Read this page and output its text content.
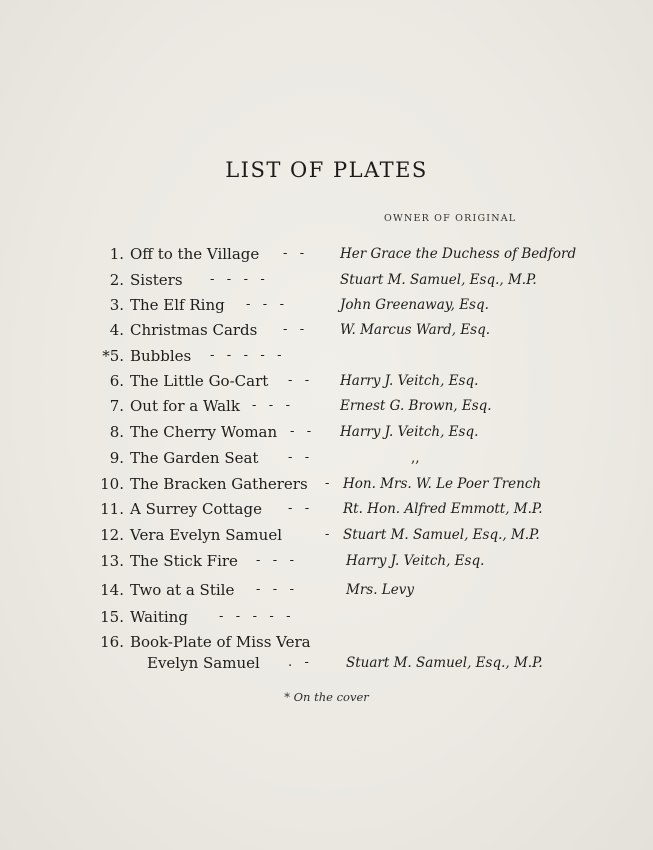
LIST OF PLATES
OWNER OF ORIGINAL
1. Off to the Village -   -	Her Grace the Duchess of Bedford
2. Sisters -   -   -   -	Stuart M. Samuel, Esq., M.P.
3. The Elf Ring -   -   -	John Greenaway, Esq.
4. Christmas Cards -   -	W. Marcus Ward, Esq.
*5. Bubbles -   -   -   -   -
6. The Little Go-Cart -   - Harry J. Veitch, Esq.
7. Out for a Walk -   -   -	Ernest G. Brown, Esq.
8. The Cherry Woman -   - Harry J. Veitch, Esq.
9. The Garden Seat -   -	,,
10. The Bracken Gatherers - Hon. Mrs. W. Le Poer Trench
11. A Surrey Cottage -   -	Rt. Hon. Alfred Emmott, M.P.
12. Vera Evelyn Samuel	- Stuart M. Samuel, Esq., M.P.
13. The Stick Fire -   -   -	Harry J. Veitch, Esq.
14. Two at a Stile -   -   -	Mrs. Levy
15. Waiting -   -   -   -   -
16. Book-Plate of Miss Vera
Evelyn Samuel .   -	Stuart M. Samuel, Esq., M.P.
* On the cover
